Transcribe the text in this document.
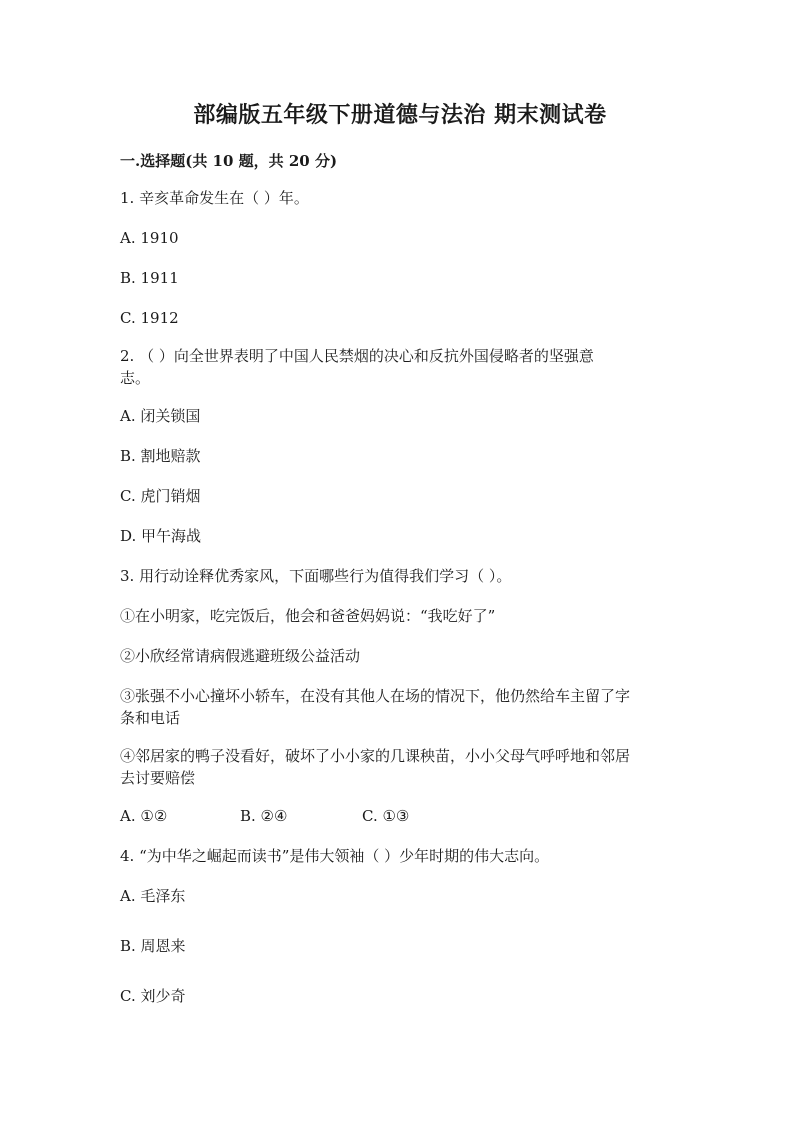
部编版五年级下册道德与法治 期末测试卷
一.选择题(共 10 题，共 20 分)
1. 辛亥革命发生在（ ）年。
A. 1910
B. 1911
C. 1912
2. （ ）向全世界表明了中国人民禁烟的决心和反抗外国侵略者的坚强意
志。
A. 闭关锁国
B. 割地赔款
C. 虎门销烟
D. 甲午海战
3. 用行动诠释优秀家风，下面哪些行为值得我们学习（ ）。
①在小明家，吃完饭后，他会和爸爸妈妈说：“我吃好了”
②小欣经常请病假逃避班级公益活动
③张强不小心撞坏小轿车，在没有其他人在场的情况下，他仍然给车主留了字
条和电话
④邻居家的鸭子没看好，破坏了小小家的几课秧苗，小小父母气呼呼地和邻居
去讨要赔偿
A. ①②	B. ②④	C. ①③
4. “为中华之崛起而读书”是伟大领袖（ ）少年时期的伟大志向。
A. 毛泽东
B. 周恩来
C. 刘少奇
